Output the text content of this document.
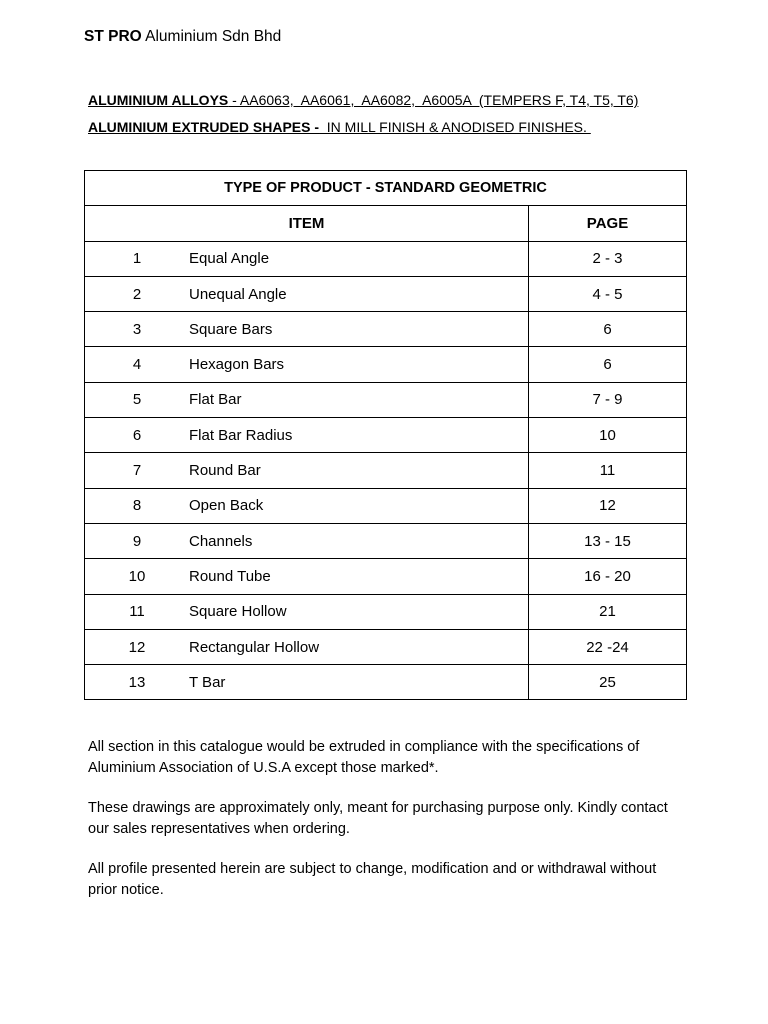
ST PRO Aluminium Sdn Bhd
ALUMINIUM ALLOYS - AA6063,  AA6061,  AA6082,  A6005A  (TEMPERS F, T4, T5, T6)
ALUMINIUM EXTRUDED SHAPES -  IN MILL FINISH & ANODISED FINISHES.
TYPE OF PRODUCT - STANDARD GEOMETRIC	
ITEM	PAGE
1 Equal Angle	2 - 3
2 Unequal Angle	4 - 5
3 Square Bars	6
4 Hexagon Bars	6
5 Flat Bar	7 - 9
6 Flat Bar Radius	10
7 Round Bar	11
8 Open Back	12
9 Channels	13 - 15
10 Round Tube	16 - 20
11 Square Hollow	21
12 Rectangular Hollow	22 -24
13 T Bar	25
All section in this catalogue would be extruded in compliance with the specifications of Aluminium Association of U.S.A except those marked*.
These drawings are approximately only, meant for purchasing purpose only. Kindly contact our sales representatives when ordering.
All profile presented herein are subject to change, modification and or withdrawal without prior notice.
